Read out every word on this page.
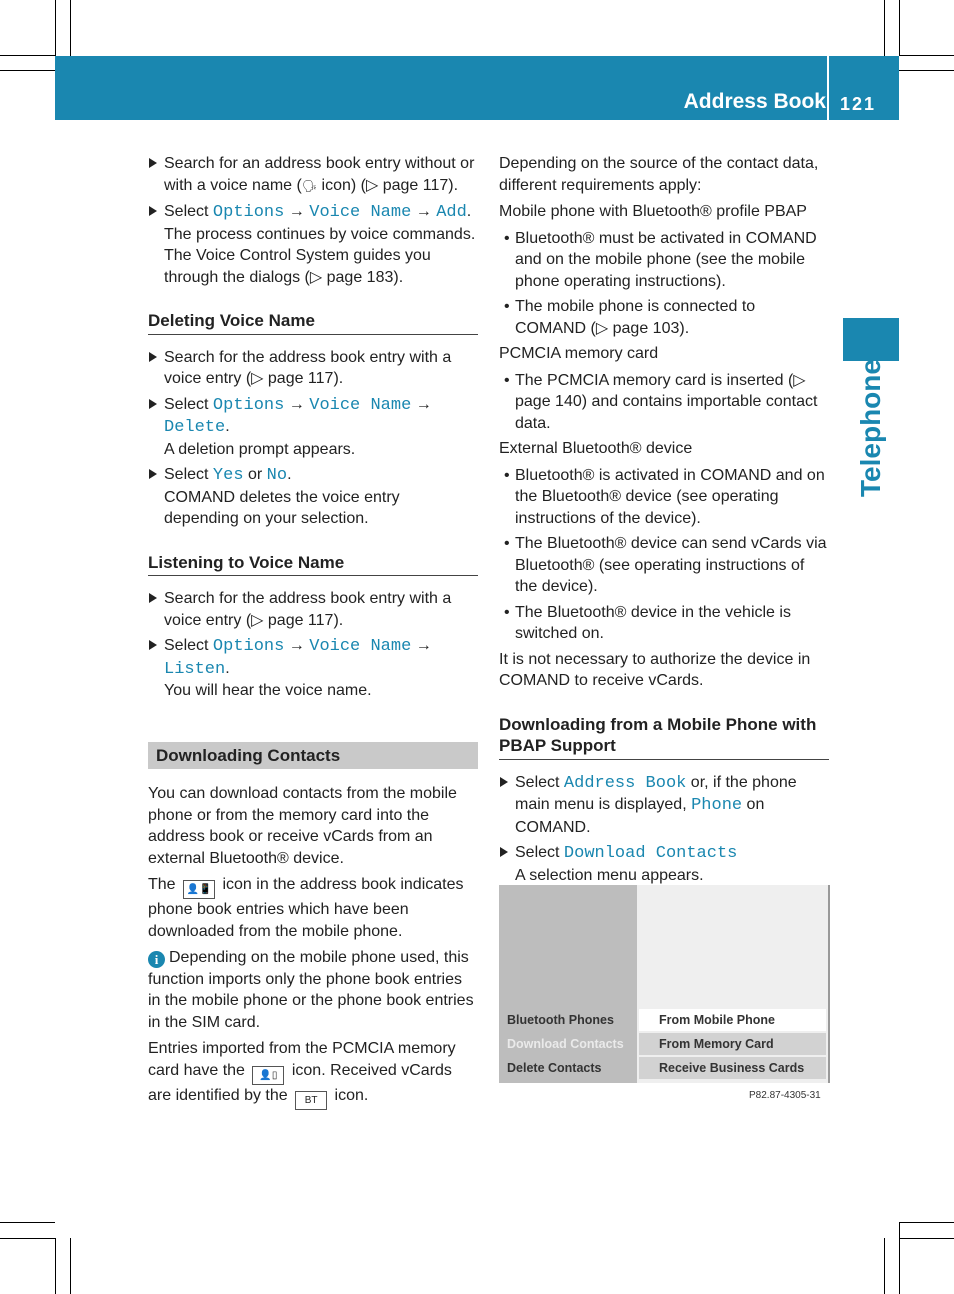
Address Book 121
Telephone
Search for an address book entry without or with a voice name (🗣 icon) (▷ page 117).
Select Options → Voice Name → Add.
The process continues by voice commands. The Voice Control System guides you through the dialogs (▷ page 183).
Deleting Voice Name
Search for the address book entry with a voice entry (▷ page 117).
Select Options → Voice Name → Delete.
A deletion prompt appears.
Select Yes or No.
COMAND deletes the voice entry depending on your selection.
Listening to Voice Name
Search for the address book entry with a voice entry (▷ page 117).
Select Options → Voice Name → Listen.
You will hear the voice name.
Downloading Contacts

You can download contacts from the mobile phone or from the memory card into the address book or receive vCards from an external Bluetooth® device.

The 👤📱 icon in the address book indicates phone book entries which have been downloaded from the mobile phone.

i Depending on the mobile phone used, this function imports only the phone book entries in the mobile phone or the phone book entries in the SIM card.

Entries imported from the PCMCIA memory card have the 👤▯ icon. Received vCards are identified by the BT icon.

Depending on the source of the contact data, different requirements apply:

Mobile phone with Bluetooth® profile PBAP

• Bluetooth® must be activated in COMAND and on the mobile phone (see the mobile phone operating instructions).
• The mobile phone is connected to COMAND (▷ page 103).

PCMCIA memory card

• The PCMCIA memory card is inserted (▷ page 140) and contains importable contact data.

External Bluetooth® device

• Bluetooth® is activated in COMAND and on the Bluetooth® device (see operating instructions of the device).
• The Bluetooth® device can send vCards via Bluetooth® (see operating instructions of the device).
• The Bluetooth® device in the vehicle is switched on.

It is not necessary to authorize the device in COMAND to receive vCards.

Downloading from a Mobile Phone with PBAP Support
Select Address Book or, if the phone main menu is displayed, Phone on COMAND.
Select Download Contacts
A selection menu appears.
Bluetooth Phones
Download Contacts
Delete Contacts
From Mobile Phone
From Memory Card
Receive Business Cards
P82.87-4305-31
